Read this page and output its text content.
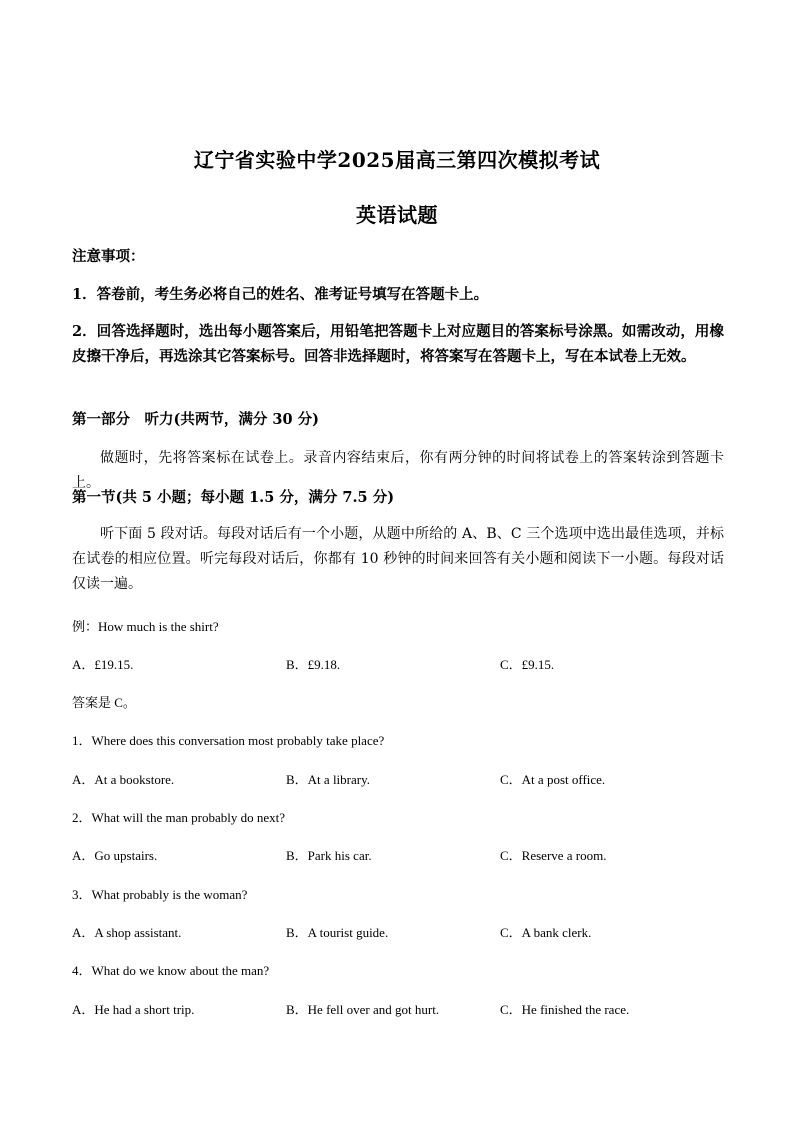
辽宁省实验中学2025届高三第四次模拟考试
英语试题
注意事项：
1．答卷前，考生务必将自己的姓名、准考证号填写在答题卡上。
2．回答选择题时，选出每小题答案后，用铅笔把答题卡上对应题目的答案标号涂黑。如需改动，用橡皮擦干净后，再选涂其它答案标号。回答非选择题时，将答案写在答题卡上，写在本试卷上无效。
第一部分　听力(共两节，满分 30 分)
做题时，先将答案标在试卷上。录音内容结束后，你有两分钟的时间将试卷上的答案转涂到答题卡上。
第一节(共 5 小题；每小题 1.5 分，满分 7.5 分)
听下面 5 段对话。每段对话后有一个小题，从题中所给的 A、B、C 三个选项中选出最佳选项，并标在试卷的相应位置。听完每段对话后，你都有 10 秒钟的时间来回答有关小题和阅读下一小题。每段对话仅读一遍。
例：How much is the shirt?
A．£19.15.	B．£9.18.	C．£9.15.
答案是 C。
1．Where does this conversation most probably take place?
A．At a bookstore.	B．At a library.	C．At a post office.
2．What will the man probably do next?
A．Go upstairs.	B．Park his car.	C．Reserve a room.
3．What probably is the woman?
A．A shop assistant.	B．A tourist guide.	C．A bank clerk.
4．What do we know about the man?
A．He had a short trip.	B．He fell over and got hurt.	C．He finished the race.
